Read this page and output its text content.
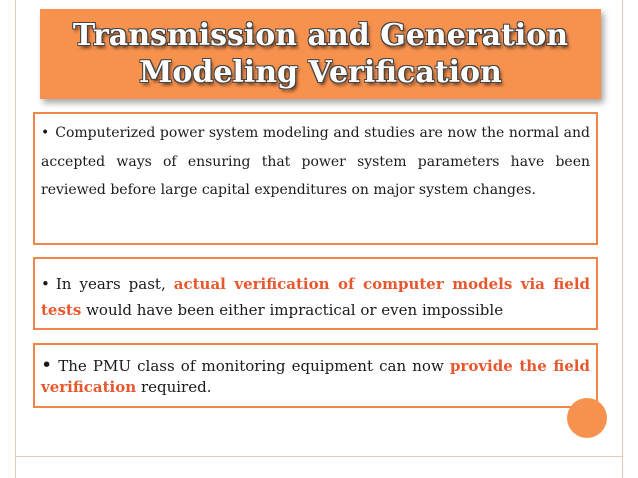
Transmission and Generation
Modeling Verification
• Computerized power system modeling and studies are now the normal and accepted ways of ensuring that power system parameters have been reviewed before large capital expenditures on major system changes.
• In years past, actual verification of computer models via field tests would have been either impractical or even impossible
• The PMU class of monitoring equipment can now provide the field verification required.
